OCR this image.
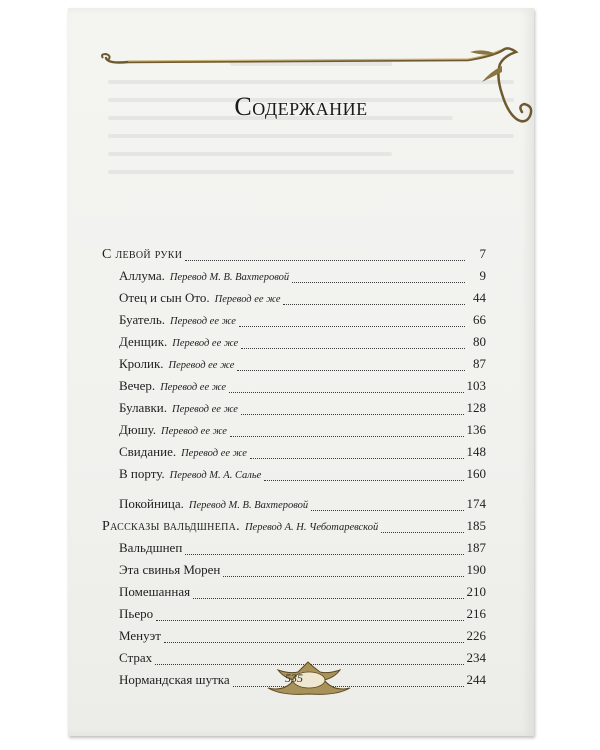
Содержание
С левой руки	7
Аллума. Перевод М. В. Вахтеровой	9
Отец и сын Ото. Перевод ее же	44
Буатель. Перевод ее же	66
Денщик. Перевод ее же	80
Кролик. Перевод ее же	87
Вечер. Перевод ее же	103
Булавки. Перевод ее же	128
Дюшу. Перевод ее же	136
Свидание. Перевод ее же	148
В порту. Перевод М. А. Салье	160
Покойница. Перевод М. В. Вахтеровой	174
Рассказы вальдшнепа. Перевод А. Н. Чеботаревской	185
Вальдшнеп	187
Эта свинья Морен	190
Помешанная	210
Пьеро	216
Менуэт	226
Страх	234
Нормандская шутка	244
535
